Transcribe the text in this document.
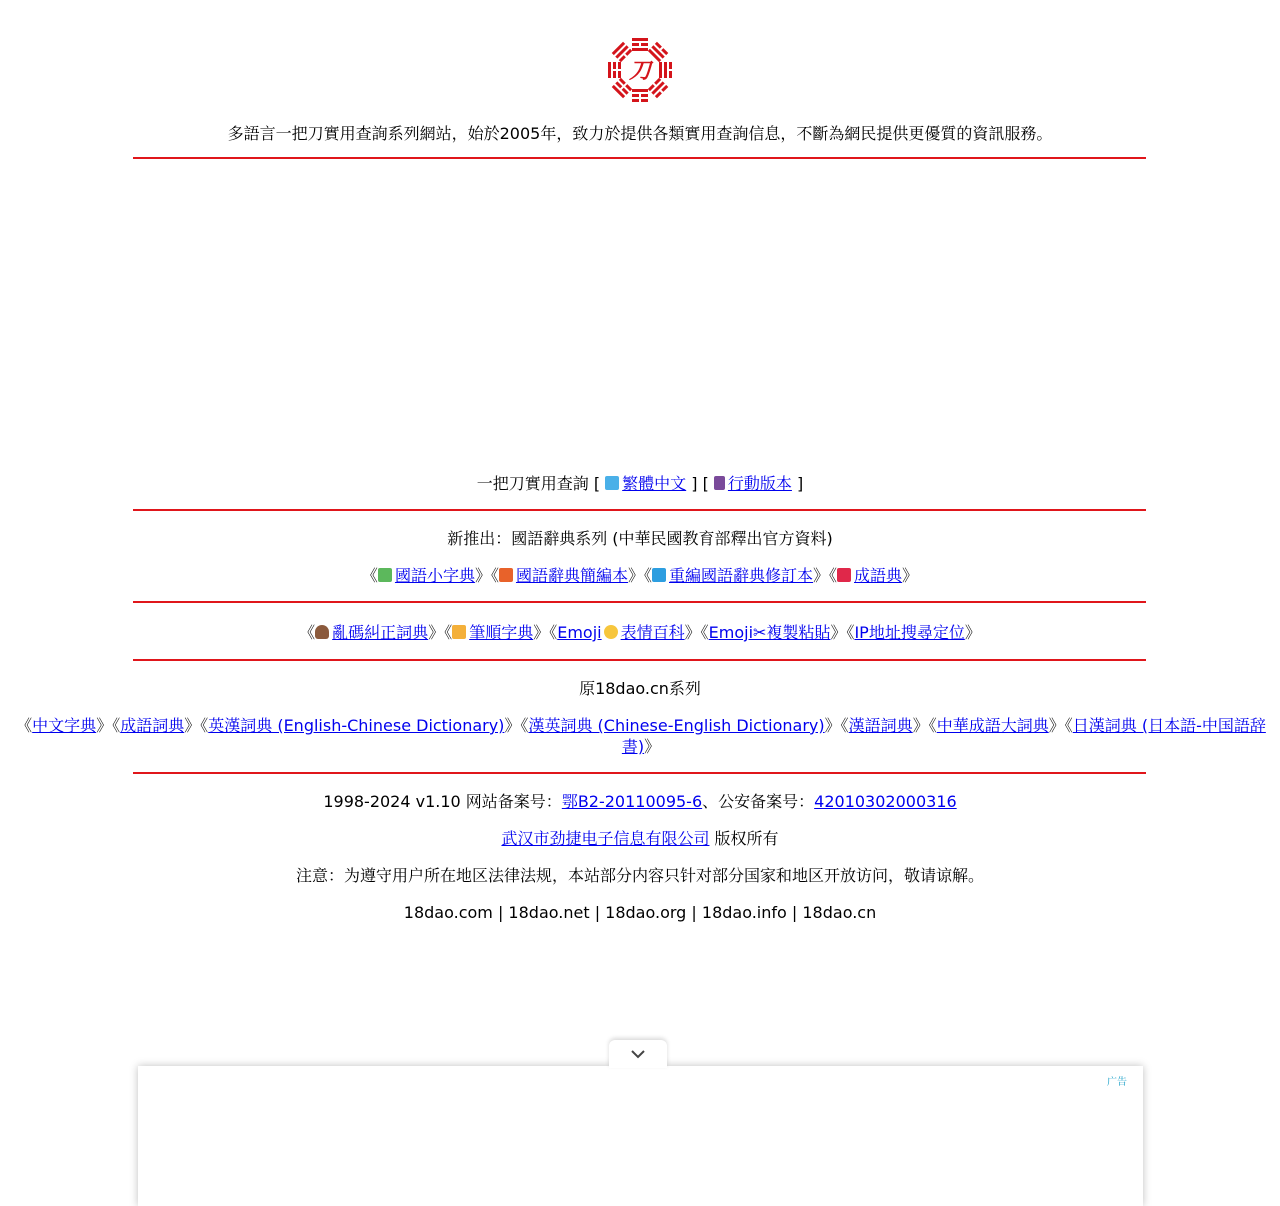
刀
多語言一把刀實用查詢系列網站，始於2005年，致力於提供各類實用查詢信息，不斷為網民提供更優質的資訊服務。
一把刀實用查詢 [ 繁體中文 ] [ 行動版本 ]
新推出：國語辭典系列 (中華民國教育部釋出官方資料)
《 國語小字典》《 國語辭典簡編本》《 重編國語辭典修訂本》《 成語典》
《 亂碼糾正詞典》《 筆順字典》《Emoji 表情百科》《Emoji✂複製粘貼》《IP地址搜尋定位》
原18dao.cn系列
《中文字典》《成語詞典》《英漢詞典 (English-Chinese Dictionary)》《漢英詞典 (Chinese-English Dictionary)》《漢語詞典》《中華成語大詞典》《日漢詞典 (日本語-中国語辞書)》
1998-2024 v1.10 网站备案号：鄂B2-20110095-6、公安备案号：42010302000316
武汉市劲捷电子信息有限公司 版权所有
注意：为遵守用户所在地区法律法规，本站部分内容只针对部分国家和地区开放访问，敬请谅解。
18dao.com | 18dao.net | 18dao.org | 18dao.info | 18dao.cn
广告
